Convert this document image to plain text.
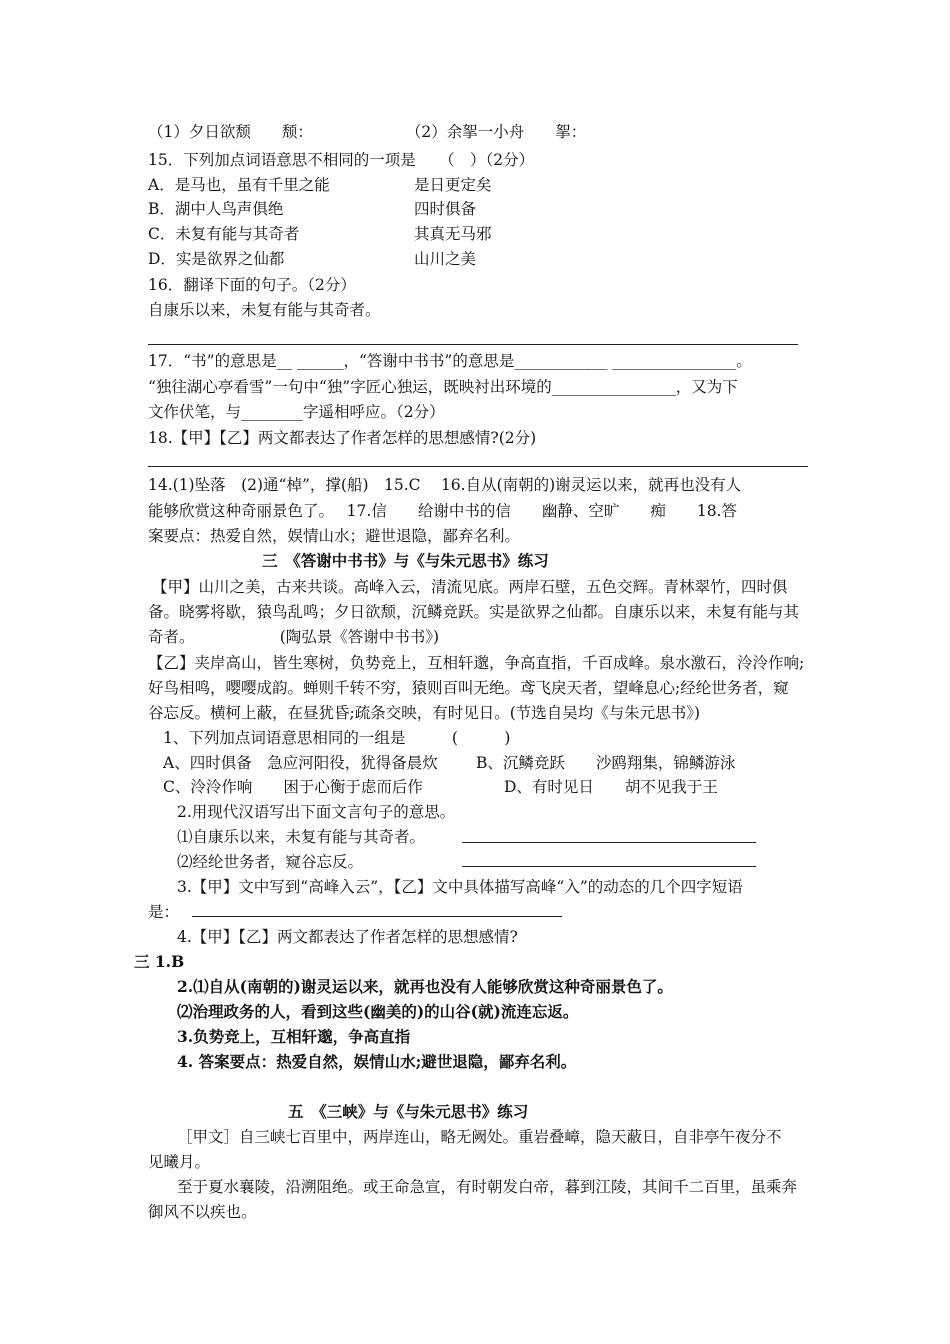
（1）夕日欲颓　　颓：　　　　　　　（2）余挐一小舟　　挐：
15．下列加点词语意思不相同的一项是　　（　）（2分）
A．是马也，虽有千里之能	是日更定矣
B．湖中人鸟声俱绝	四时俱备
C．未复有能与其奇者	其真无马邪
D．实是欲界之仙都	山川之美
16．翻译下面的句子。（2分）
自康乐以来，未复有能与其奇者。
17．“书”的意思是__ ______，“答谢中书书”的意思是____________ ________________。
“独往湖心亭看雪”一句中“独”字匠心独运，既映衬出环境的________________，又为下
文作伏笔，与________字遥相呼应。（2分）
18.【甲】【乙】两文都表达了作者怎样的思想感情?(2分)
14.(1)坠落　(2)通“棹”，撑(船)　15.C　 16.自从(南朝的)谢灵运以来，就再也没有人
能够欣赏这种奇丽景色了。　 17.信　　给谢中书的信　　幽静、空旷　　痴　　18.答
案要点：热爱自然，娱情山水；避世退隐，鄙弃名利。
三　《答谢中书书》与《与朱元思书》练习
【甲】山川之美，古来共谈。高峰入云，清流见底。两岸石壁，五色交辉。青林翠竹，四时俱
备。晓雾将歇，猿鸟乱鸣；夕日欲颓，沉鳞竞跃。实是欲界之仙都。自康乐以来，未复有能与其
奇者。　　　　　　(陶弘景《答谢中书书》)
【乙】夹岸高山，皆生寒树，负势竞上，互相轩邈，争高直指，千百成峰。泉水激石，泠泠作响;
好鸟相鸣，嘤嘤成韵。蝉则千转不穷，猿则百叫无绝。鸢飞戾天者，望峰息心;经纶世务者，窥
谷忘反。横柯上蔽，在昼犹昏;疏条交映，有时见日。(节选自吴均《与朱元思书》)
1、下列加点词语意思相同的一组是　　　(　　　)
A、四时俱备　急应河阳役，犹得备晨炊 B、沉鳞竞跃　　沙鸥翔集，锦鳞游泳
C、泠泠作响　　困于心衡于虑而后作	D、有时见日　　胡不见我于王
2.用现代汉语写出下面文言句子的意思。
⑴自康乐以来，未复有能与其奇者。
⑵经纶世务者，窥谷忘反。
3.【甲】文中写到“高峰入云”，【乙】文中具体描写高峰“入”的动态的几个四字短语
是：
4.【甲】【乙】两文都表达了作者怎样的思想感情?
三 1.B
2.⑴自从(南朝的)谢灵运以来，就再也没有人能够欣赏这种奇丽景色了。
⑵治理政务的人，看到这些(幽美的)的山谷(就)流连忘返。
3.负势竞上，互相轩邈，争高直指
4. 答案要点：热爱自然，娱情山水;避世退隐，鄙弃名利。
五　《三峡》与《与朱元思书》练习
［甲文］自三峡七百里中，两岸连山，略无阙处。重岩叠嶂，隐天蔽日，自非亭午夜分不
见曦月。
至于夏水襄陵，沿溯阻绝。或王命急宣，有时朝发白帝，暮到江陵，其间千二百里，虽乘奔
御风不以疾也。
